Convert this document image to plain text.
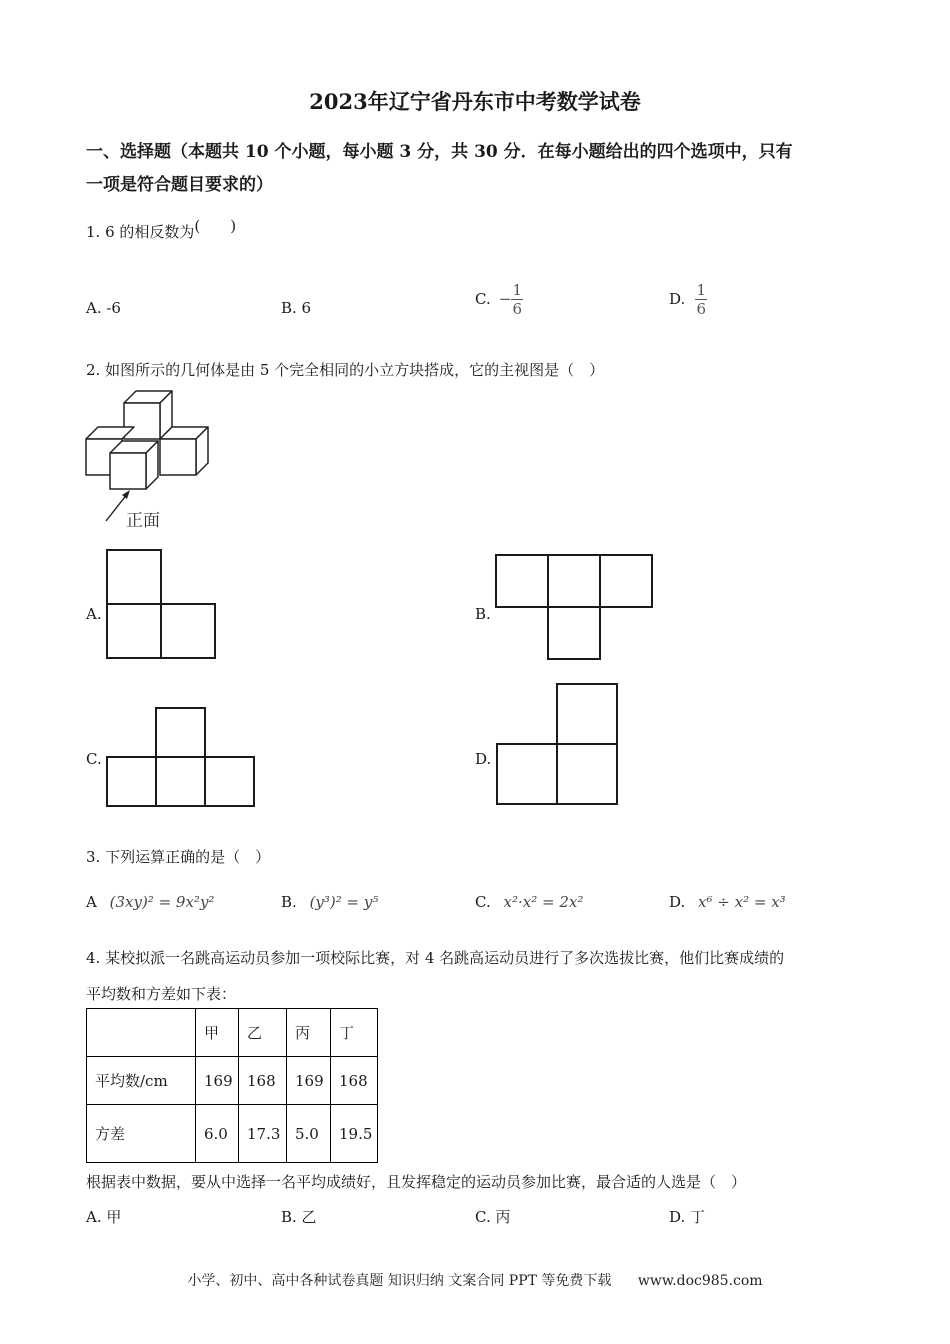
2023年辽宁省丹东市中考数学试卷
一、选择题（本题共 10 个小题，每小题 3 分，共 30 分．在每小题给出的四个选项中，只有
一项是符合题目要求的）
1. 6 的相反数为(　　)
A. -6	B. 6	C. − $\frac{1}{6}$	D. $\frac{1}{6}$
2. 如图所示的几何体是由 5 个完全相同的小立方块搭成，它的主视图是（　）
正面
A.	B.
C.	D.
3. 下列运算正确的是（　）
A (3xy)² = 9x²y²	B. (y³)² = y⁵	C. x²·x² = 2x²	D. x⁶ ÷ x² = x³
4. 某校拟派一名跳高运动员参加一项校际比赛，对 4 名跳高运动员进行了多次选拔比赛，他们比赛成绩的
平均数和方差如下表：
	甲	乙	丙	丁
平均数/cm	169	168	169	168
方差	6.0	17.3	5.0	19.5
根据表中数据，要从中选择一名平均成绩好，且发挥稳定的运动员参加比赛，最合适的人选是（　）
A. 甲	B. 乙	C. 丙	D. 丁
小学、初中、高中各种试卷真题 知识归纳 文案合同 PPT 等免费下载 www.doc985.com
